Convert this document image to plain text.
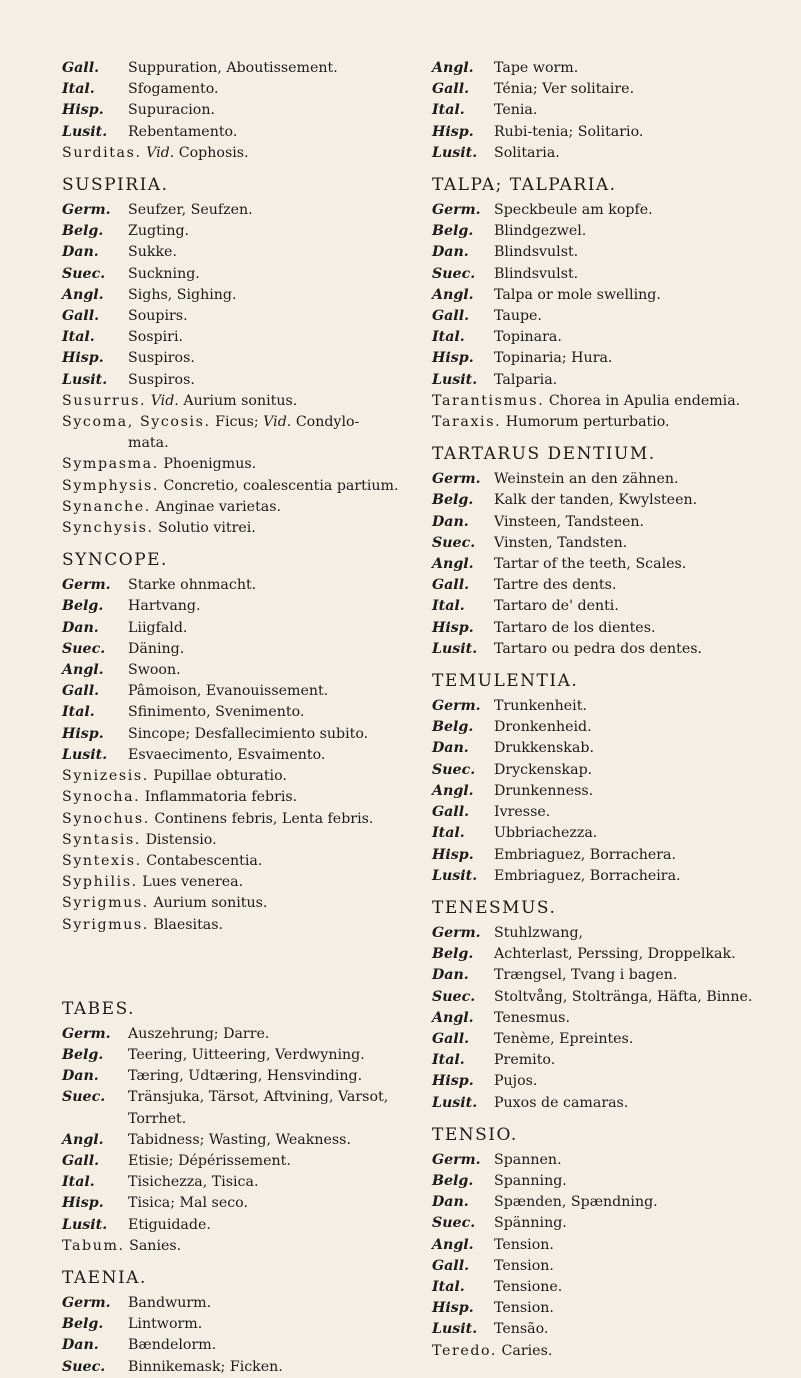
Gall.	Suppuration, Aboutissement.
Ital.	Sfogamento.
Hisp.	Supuracion.
Lusit.	Rebentamento.
Surditas. Vid. Cophosis.
SUSPIRIA.
Germ.	Seufzer, Seufzen.
Belg.	Zugting.
Dan.	Sukke.
Suec.	Suckning.
Angl.	Sighs, Sighing.
Gall.	Soupirs.
Ital.	Sospiri.
Hisp.	Suspiros.
Lusit.	Suspiros.
Susurrus. Vid. Aurium sonitus.
Sycoma, Sycosis. Ficus; Vid. Condylo-
mata.
Sympasma. Phoenigmus.
Symphysis. Concretio, coalescentia partium.
Synanche. Anginae varietas.
Synchysis. Solutio vitrei.
SYNCOPE.
Germ.	Starke ohnmacht.
Belg.	Hartvang.
Dan.	Liigfald.
Suec.	Däning.
Angl.	Swoon.
Gall.	Pâmoison, Evanouissement.
Ital.	Sfinimento, Svenimento.
Hisp.	Sincope; Desfallecimiento subito.
Lusit.	Esvaecimento, Esvaimento.
Synizesis. Pupillae obturatio.
Synocha. Inflammatoria febris.
Synochus. Continens febris, Lenta febris.
Syntasis. Distensio.
Syntexis. Contabescentia.
Syphilis. Lues venerea.
Syrigmus. Aurium sonitus.
Syrigmus. Blaesitas.
TABES.
Germ.	Auszehrung; Darre.
Belg.	Teering, Uitteering, Verdwyning.
Dan.	Tæring, Udtæring, Hensvinding.
Suec.	Tränsjuka, Tärsot, Aftvining, Varsot,
Torrhet.
Angl.	Tabidness; Wasting, Weakness.
Gall.	Etisie; Dépérissement.
Ital.	Tisichezza, Tisica.
Hisp.	Tisica; Mal seco.
Lusit.	Etiguidade.
Tabum. Sanies.
TAENIA.
Germ.	Bandwurm.
Belg.	Lintworm.
Dan.	Bændelorm.
Suec.	Binnikemask; Ficken.
Angl.	Tape worm.
Gall.	Ténia; Ver solitaire.
Ital.	Tenia.
Hisp.	Rubi-tenia; Solitario.
Lusit.	Solitaria.
TALPA; TALPARIA.
Germ. Speckbeule am kopfe.
Belg.	Blindgezwel.
Dan.	Blindsvulst.
Suec.	Blindsvulst.
Angl.	Talpa or mole swelling.
Gall.	Taupe.
Ital.	Topinara.
Hisp.	Topinaria; Hura.
Lusit.	Talparia.
Tarantismus. Chorea in Apulia endemia.
Taraxis. Humorum perturbatio.
TARTARUS DENTIUM.
Germ. Weinstein an den zähnen.
Belg.	Kalk der tanden, Kwylsteen.
Dan.	Vinsteen, Tandsteen.
Suec.	Vinsten, Tandsten.
Angl.	Tartar of the teeth, Scales.
Gall.	Tartre des dents.
Ital.	Tartaro de' denti.
Hisp.	Tartaro de los dientes.
Lusit.	Tartaro ou pedra dos dentes.
TEMULENTIA.
Germ. Trunkenheit.
Belg.	Dronkenheid.
Dan.	Drukkenskab.
Suec.	Dryckenskap.
Angl.	Drunkenness.
Gall.	Ivresse.
Ital.	Ubbriachezza.
Hisp.	Embriaguez, Borrachera.
Lusit.	Embriaguez, Borracheira.
TENESMUS.
Germ. Stuhlzwang,
Belg.	Achterlast, Perssing, Droppelkak.
Dan.	Trængsel, Tvang i bagen.
Suec.	Stoltvång, Stoltränga, Häfta, Binne.
Angl.	Tenesmus.
Gall.	Tenème, Epreintes.
Ital.	Premito.
Hisp.	Pujos.
Lusit.	Puxos de camaras.
TENSIO.
Germ. Spannen.
Belg.	Spanning.
Dan.	Spænden, Spændning.
Suec.	Spänning.
Angl.	Tension.
Gall.	Tension.
Ital.	Tensione.
Hisp.	Tension.
Lusit.	Tensão.
Teredo. Caries.
